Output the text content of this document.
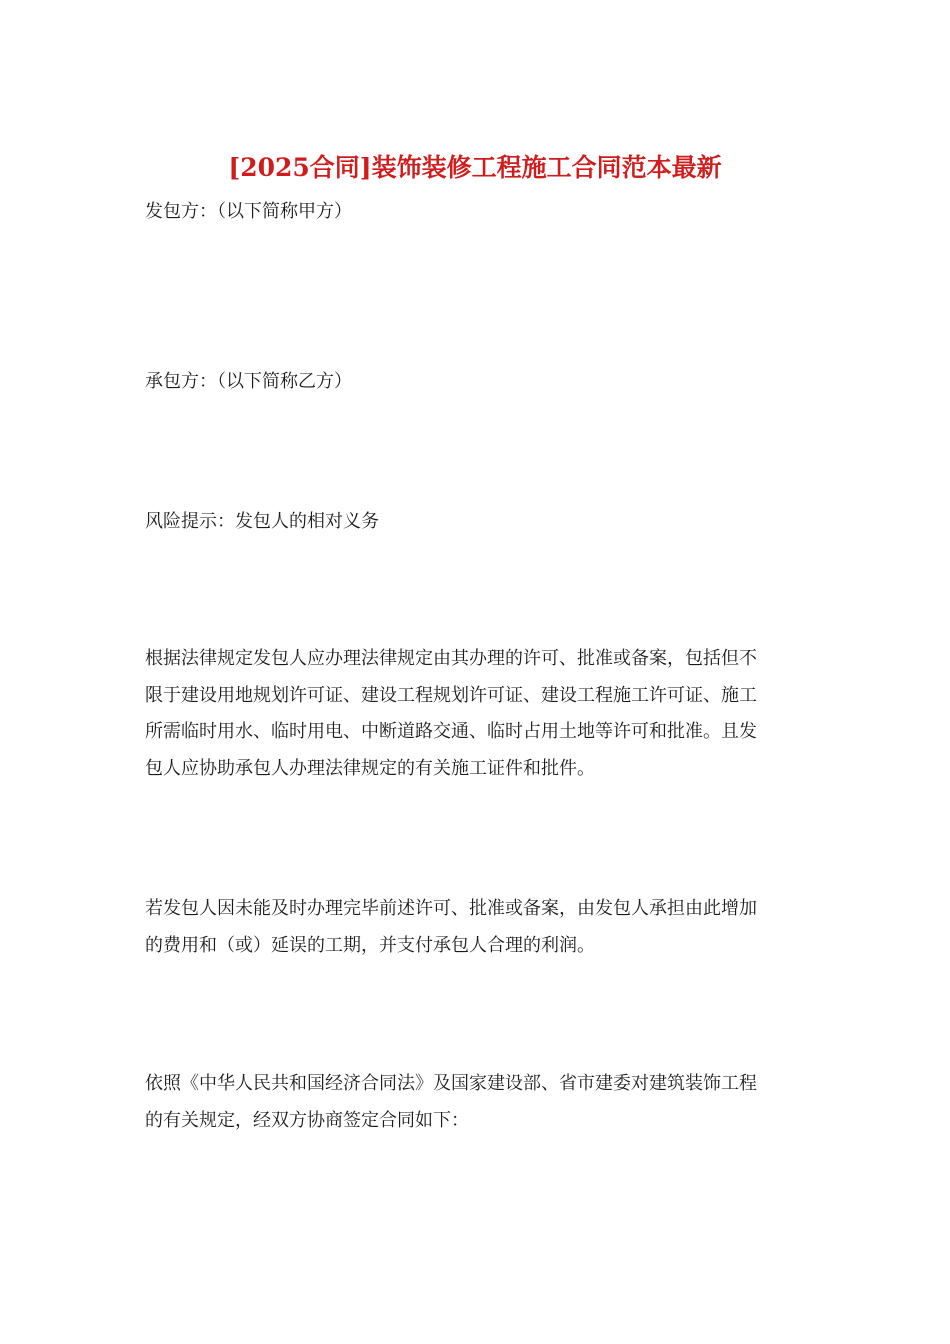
[2025合同]装饰装修工程施工合同范本最新
发包方：（以下简称甲方）
承包方：（以下简称乙方）
风险提示：发包人的相对义务
根据法律规定发包人应办理法律规定由其办理的许可、批准或备案，包括但不
限于建设用地规划许可证、建设工程规划许可证、建设工程施工许可证、施工
所需临时用水、临时用电、中断道路交通、临时占用土地等许可和批准。且发
包人应协助承包人办理法律规定的有关施工证件和批件。
若发包人因未能及时办理完毕前述许可、批准或备案，由发包人承担由此增加
的费用和（或）延误的工期，并支付承包人合理的利润。
依照《中华人民共和国经济合同法》及国家建设部、省市建委对建筑装饰工程
的有关规定，经双方协商签定合同如下：
